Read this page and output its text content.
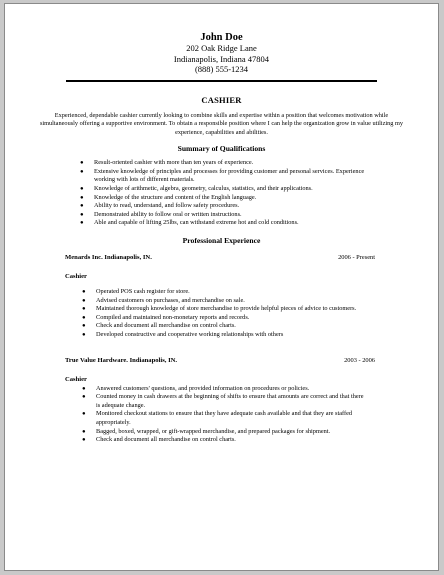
John Doe
202 Oak Ridge Lane
Indianapolis, Indiana 47804
(888) 555-1234
CASHIER
Experienced, dependable cashier currently looking to combine skills and expertise within a position that welcomes motivation while simultaneously offering a supportive environment. To obtain a responsible position where I can help the organization grow in value utilizing my experience, capabilities and abilities.
Summary of Qualifications
● Result-oriented cashier with more than ten years of experience.
● Extensive knowledge of principles and processes for providing customer and personal services. Experience working with lots of different materials.
● Knowledge of arithmetic, algebra, geometry, calculus, statistics, and their applications.
● Knowledge of the structure and content of the English language.
● Ability to read, understand, and follow safety procedures.
● Demonstrated ability to follow oral or written instructions.
● Able and capable of lifting 25lbs, can withstand extreme hot and cold conditions.
Professional Experience
Menards Inc. Indianapolis, IN.	2006 - Present
Cashier
● Operated POS cash register for store.
● Advised customers on purchases, and merchandise on sale.
● Maintained thorough knowledge of store merchandise to provide helpful pieces of advice to customers.
● Compiled and maintained non-monetary reports and records.
● Check and document all merchandise on control charts.
● Developed constructive and cooperative working relationships with others
True Value Hardware. Indianapolis, IN.	2003 - 2006
Cashier
● Answered customers' questions, and provided information on procedures or policies.
● Counted money in cash drawers at the beginning of shifts to ensure that amounts are correct and that there is adequate change.
● Monitored checkout stations to ensure that they have adequate cash available and that they are staffed appropriately.
● Bagged, boxed, wrapped, or gift-wrapped merchandise, and prepared packages for shipment.
● Check and document all merchandise on control charts.
